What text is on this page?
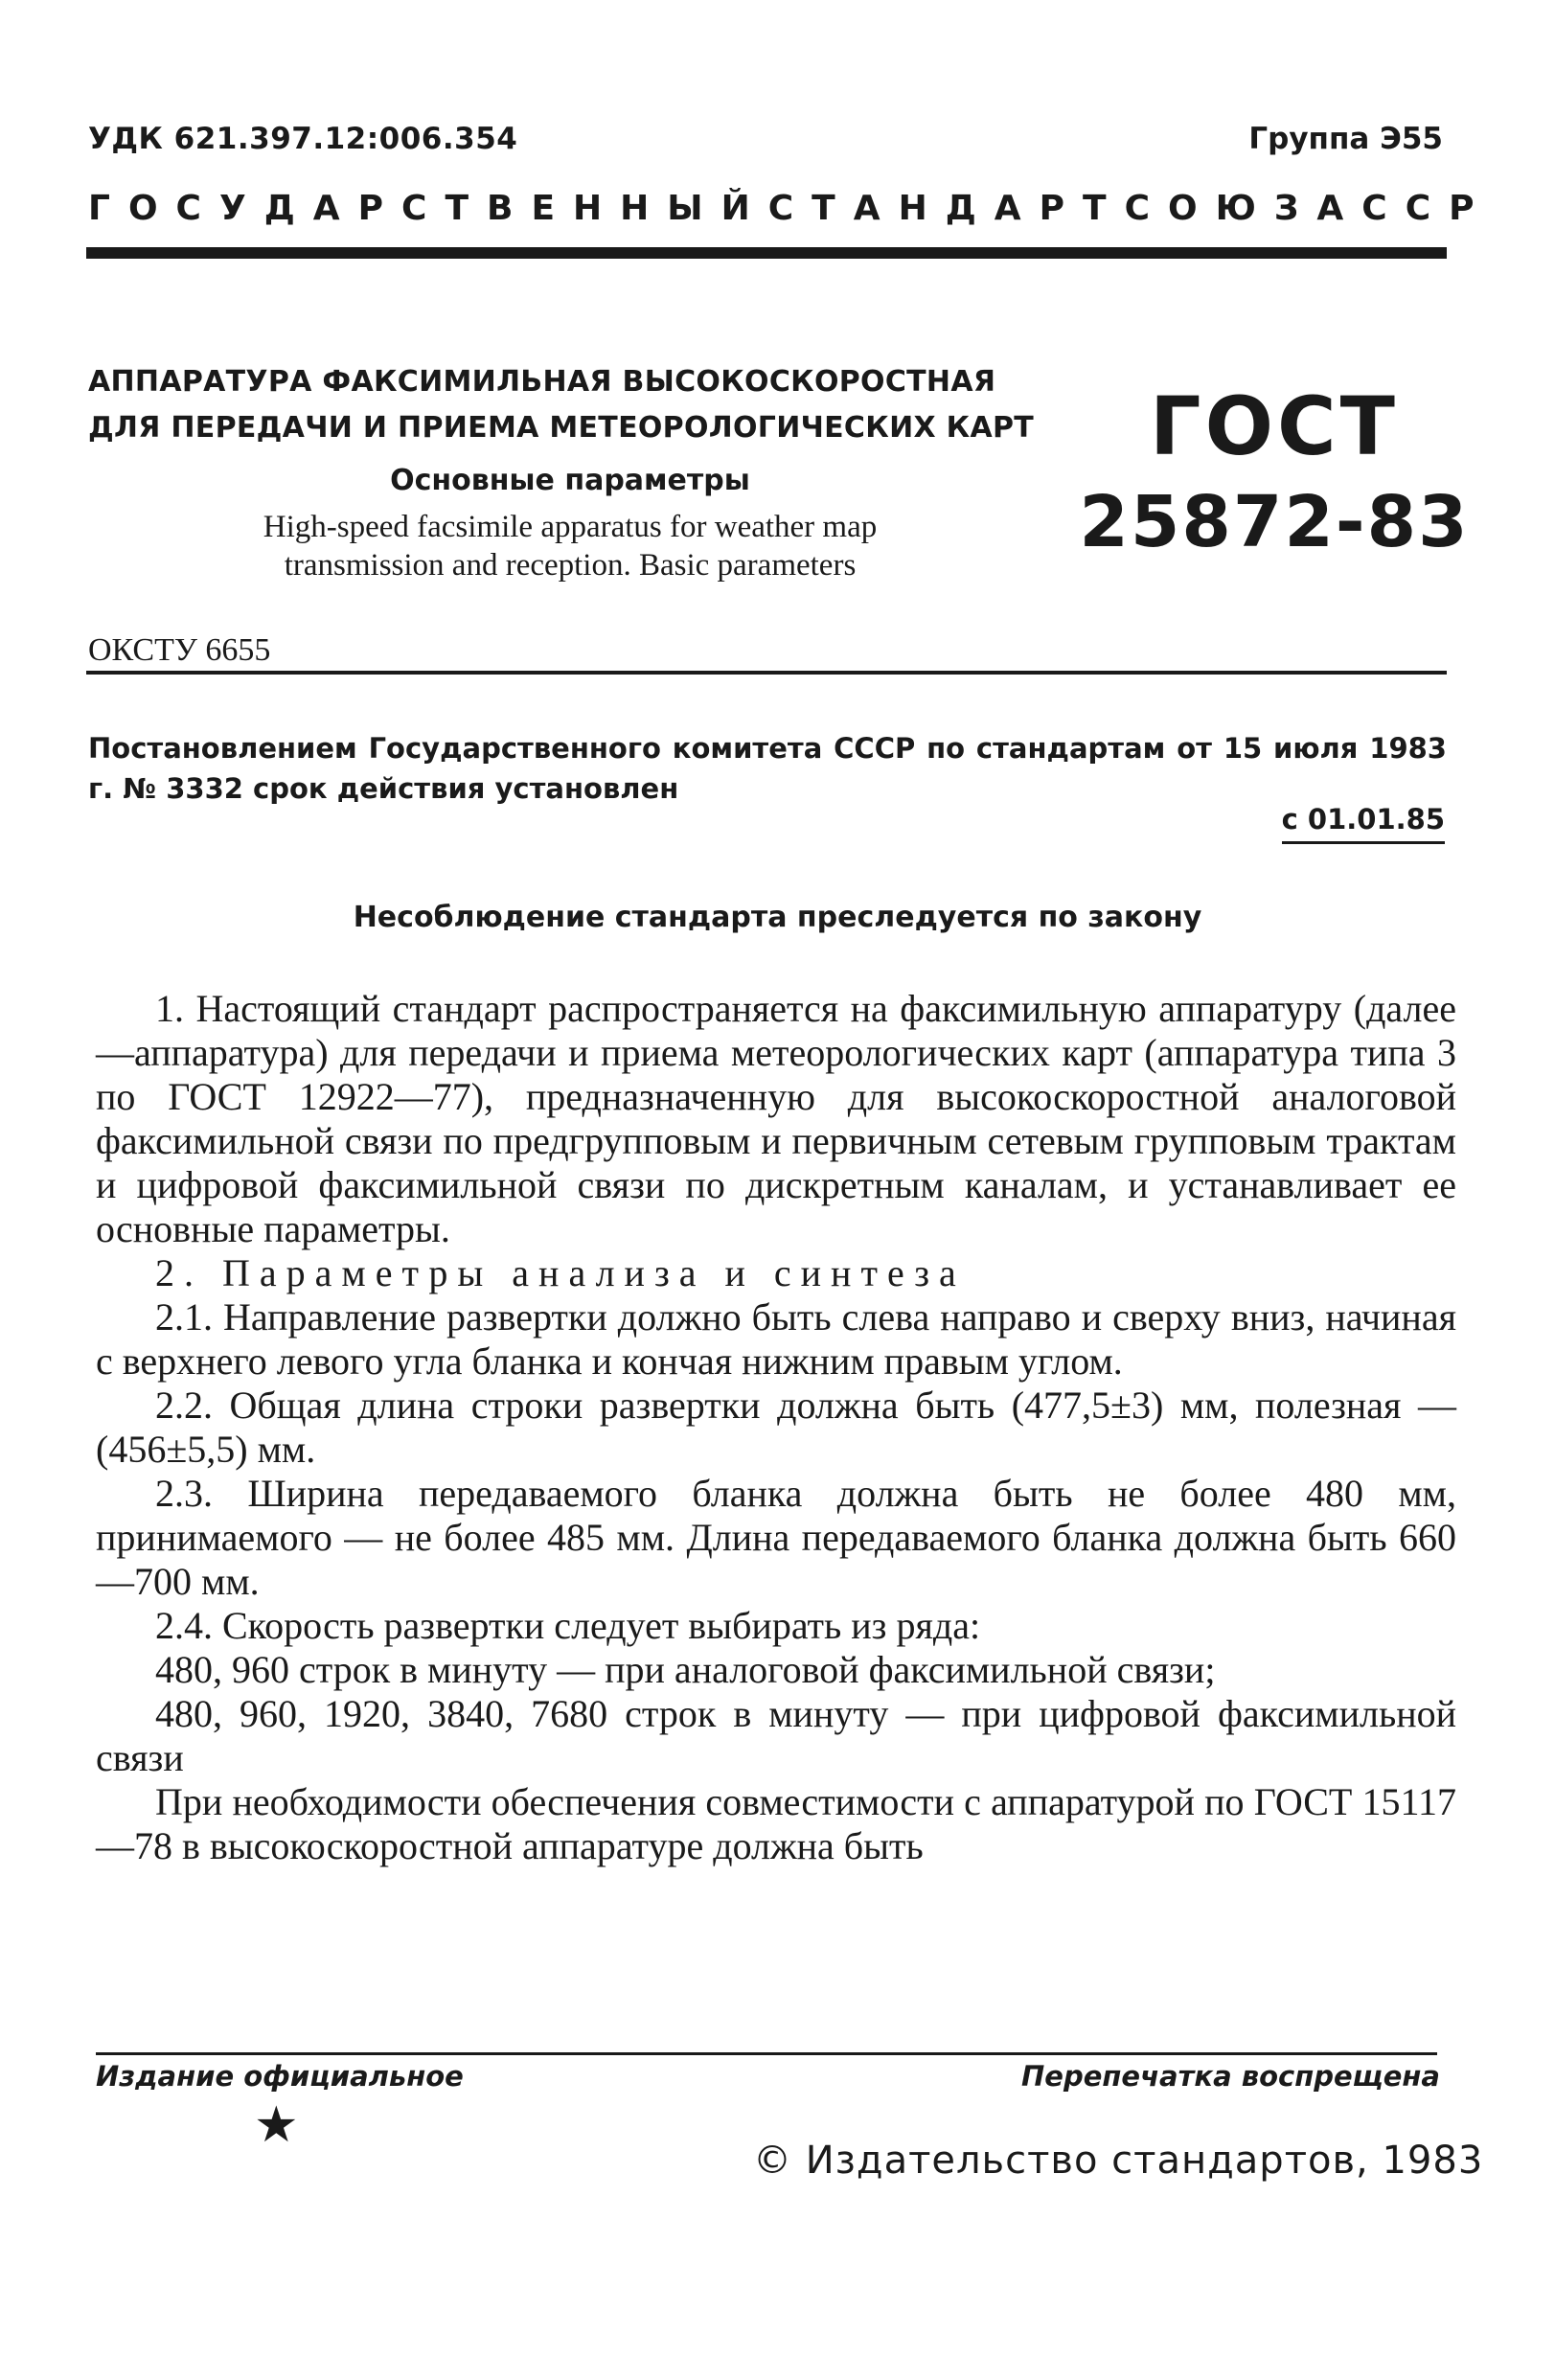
УДК 621.397.12:006.354	Группа Э55
ГОСУДАРСТВЕННЫЙ СТАНДАРТ СОЮЗА ССР
АППАРАТУРА ФАКСИМИЛЬНАЯ ВЫСОКОСКОРОСТНАЯ
ДЛЯ ПЕРЕДАЧИ И ПРИЕМА МЕТЕОРОЛОГИЧЕСКИХ КАРТ
Основные параметры
High-speed facsimile apparatus for weather map
transmission and reception. Basic parameters
ГОСТ
25872-83
ОКСТУ 6655
Постановлением Государственного комитета СССР по стандартам от 15 июля 1983 г. № 3332 срок действия установлен
с 01.01.85
Несоблюдение стандарта преследуется по закону

1. Настоящий стандарт распространяется на факсимильную аппаратуру (далее—аппаратура) для передачи и приема метеорологических карт (аппаратура типа 3 по ГОСТ 12922—77), предназначенную для высокоскоростной аналоговой факсимильной связи по предгрупповым и первичным сетевым групповым трактам и цифровой факсимильной связи по дискретным каналам, и устанавливает ее основные параметры.

2. Параметры анализа и синтеза

2.1. Направление развертки должно быть слева направо и сверху вниз, начиная с верхнего левого угла бланка и кончая нижним правым углом.

2.2. Общая длина строки развертки должна быть (477,5±3) мм, полезная — (456±5,5) мм.

2.3. Ширина передаваемого бланка должна быть не более 480 мм, принимаемого — не более 485 мм. Длина передаваемого бланка должна быть 660—700 мм.

2.4. Скорость развертки следует выбирать из ряда:

480, 960 строк в минуту — при аналоговой факсимильной связи;

480, 960, 1920, 3840, 7680 строк в минуту — при цифровой факсимильной связи

При необходимости обеспечения совместимости с аппаратурой по ГОСТ 15117—78 в высокоскоростной аппаратуре должна быть

Издание официальное	Перепечатка воспрещена
★
© Издательство стандартов, 1983
